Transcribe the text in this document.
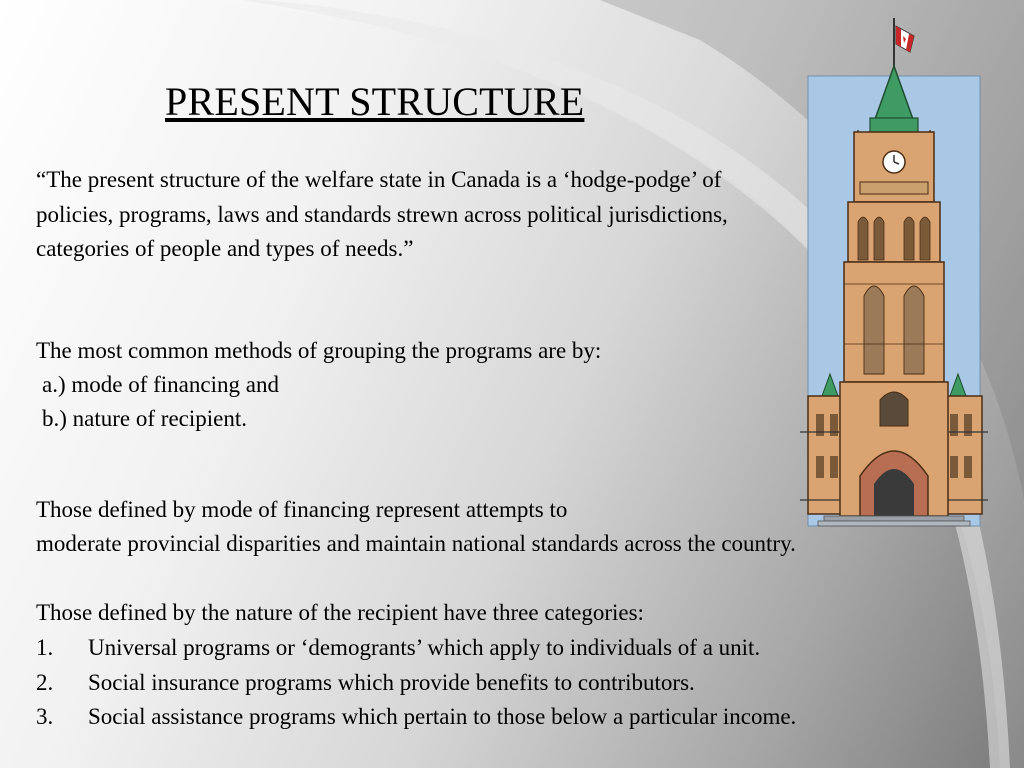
PRESENT STRUCTURE

“The present structure of the welfare state in Canada is a ‘hodge-podge’ of policies, programs, laws and standards strewn across political jurisdictions, categories of people and types of needs.”

The most common methods of grouping the programs are by:

a.) mode of financing and

b.) nature of recipient.

Those defined by mode of financing represent attempts to

moderate provincial disparities and maintain national standards across the country.

Those defined by the nature of the recipient have three categories:

1.	Universal programs or ‘demogrants’ which apply to individuals of a unit.
2.	Social insurance programs which provide benefits to contributors.
3.	Social assistance programs which pertain to those below a particular income.
